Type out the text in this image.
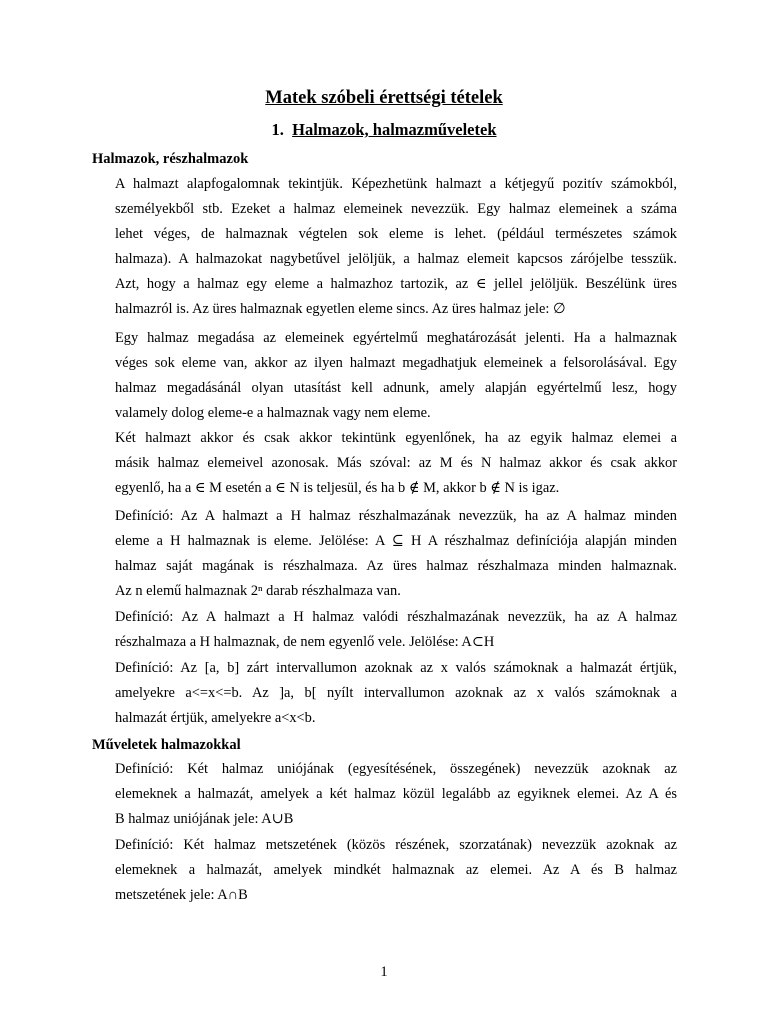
Matek szóbeli érettségi tételek
1. Halmazok, halmazműveletek
Halmazok, részhalmazok
A halmazt alapfogalomnak tekintjük. Képezhetünk halmazt a kétjegyű pozitív számokból,
személyekből stb. Ezeket a halmaz elemeinek nevezzük. Egy halmaz elemeinek a száma
lehet véges, de halmaznak végtelen sok eleme is lehet. (például természetes számok
halmaza). A halmazokat nagybetűvel jelöljük, a halmaz elemeit kapcsos zárójelbe tesszük.
Azt, hogy a halmaz egy eleme a halmazhoz tartozik, az ∈ jellel jelöljük. Beszélünk üres
halmazról is. Az üres halmaznak egyetlen eleme sincs. Az üres halmaz jele: ∅
Egy halmaz megadása az elemeinek egyértelmű meghatározását jelenti. Ha a halmaznak
véges sok eleme van, akkor az ilyen halmazt megadhatjuk elemeinek a felsorolásával. Egy
halmaz megadásánál olyan utasítást kell adnunk, amely alapján egyértelmű lesz, hogy
valamely dolog eleme-e a halmaznak vagy nem eleme.
Két halmazt akkor és csak akkor tekintünk egyenlőnek, ha az egyik halmaz elemei a
másik halmaz elemeivel azonosak. Más szóval: az M és N halmaz akkor és csak akkor
egyenlő, ha a ∈ M esetén a ∈ N is teljesül, és ha b ∉ M, akkor b ∉ N is igaz.
Definíció: Az A halmazt a H halmaz részhalmazának nevezzük, ha az A halmaz minden
eleme a H halmaznak is eleme. Jelölése: A ⊆ H A részhalmaz definíciója alapján minden
halmaz saját magának is részhalmaza. Az üres halmaz részhalmaza minden halmaznak.
Az n elemű halmaznak 2ⁿ darab részhalmaza van.
Definíció: Az A halmazt a H halmaz valódi részhalmazának nevezzük, ha az A halmaz
részhalmaza a H halmaznak, de nem egyenlő vele. Jelölése: A⊂H
Definíció: Az [a, b] zárt intervallumon azoknak az x valós számoknak a halmazát értjük,
amelyekre a<=x<=b. Az ]a, b[ nyílt intervallumon azoknak az x valós számoknak a
halmazát értjük, amelyekre a<x<b.
Műveletek halmazokkal
Definíció: Két halmaz uniójának (egyesítésének, összegének) nevezzük azoknak az
elemeknek a halmazát, amelyek a két halmaz közül legalább az egyiknek elemei. Az A és
B halmaz uniójának jele: A∪B
Definíció: Két halmaz metszetének (közös részének, szorzatának) nevezzük azoknak az
elemeknek a halmazát, amelyek mindkét halmaznak az elemei. Az A és B halmaz
metszetének jele: A∩B

1
